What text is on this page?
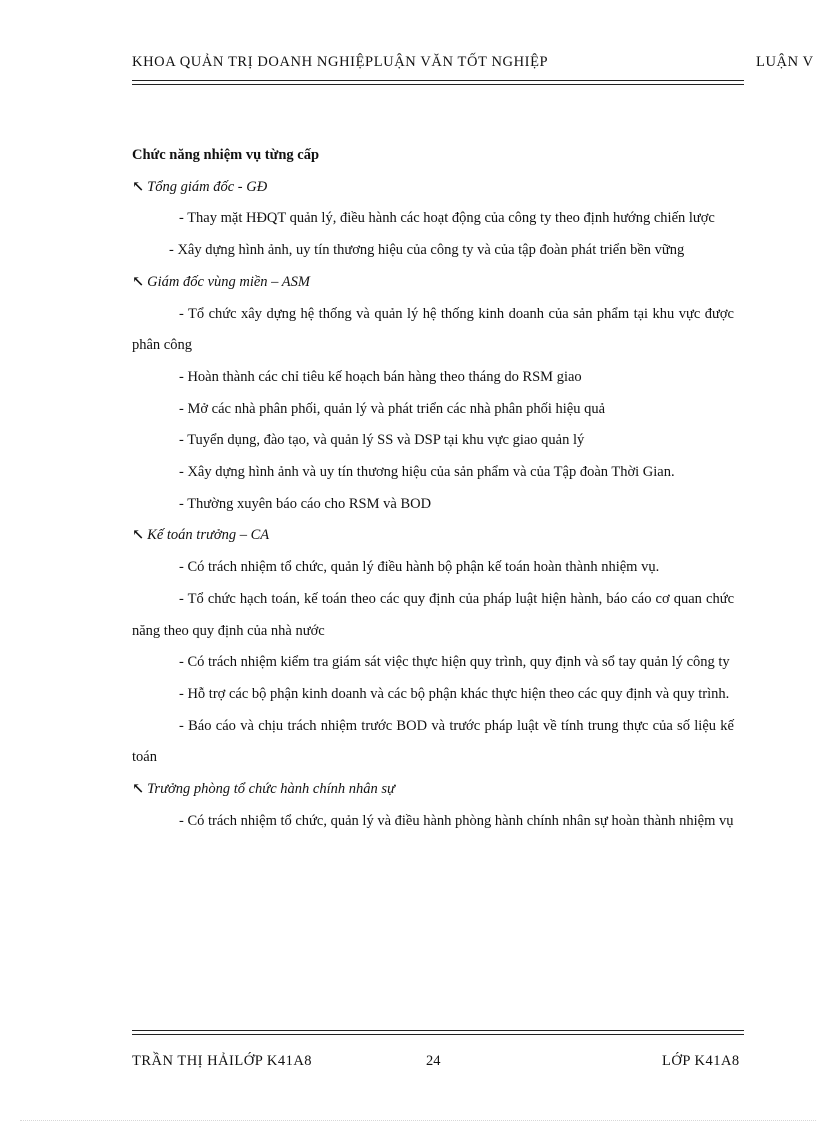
KHOA QUẢN TRỊ DOANH NGHIỆPLUẬN VĂN TỐT NGHIỆP	LUẬN V

Chức năng nhiệm vụ từng cấp

↖ Tổng giám đốc - GĐ

- Thay mặt HĐQT quản lý, điều hành các hoạt động của công ty theo định hướng chiến lược

- Xây dựng hình ảnh, uy tín thương hiệu của công ty và của tập đoàn phát triển bền vững

↖ Giám đốc vùng miền – ASM

- Tổ chức xây dựng hệ thống và quản lý hệ thống kinh doanh của sản phẩm tại khu vực được phân công

- Hoàn thành các chỉ tiêu kế hoạch bán hàng theo tháng do RSM giao

- Mở các nhà phân phối, quản lý và phát triển các nhà phân phối hiệu quả

- Tuyển dụng, đào tạo, và quản lý SS và DSP tại khu vực giao quản lý

- Xây dựng hình ảnh và uy tín thương hiệu của sản phẩm và của Tập đoàn Thời Gian.

- Thường xuyên báo cáo cho RSM và BOD

↖ Kế toán trưởng – CA

- Có trách nhiệm tổ chức, quản lý điều hành bộ phận kế toán hoàn thành nhiệm vụ.

- Tổ chức hạch toán, kế toán theo các quy định của pháp luật hiện hành, báo cáo cơ quan chức năng theo quy định của nhà nước

- Có trách nhiệm kiểm tra giám sát việc thực hiện quy trình, quy định và sổ tay quản lý công ty

- Hỗ trợ các bộ phận kinh doanh và các bộ phận khác thực hiện theo các quy định và quy trình.

- Báo cáo và chịu trách nhiệm trước BOD và trước pháp luật về tính trung thực của số liệu kế toán

↖ Trưởng phòng tổ chức hành chính nhân sự

- Có trách nhiệm tổ chức, quản lý và điều hành phòng hành chính nhân sự hoàn thành nhiệm vụ

TRẦN THỊ HẢILỚP K41A8	24	LỚP K41A8
